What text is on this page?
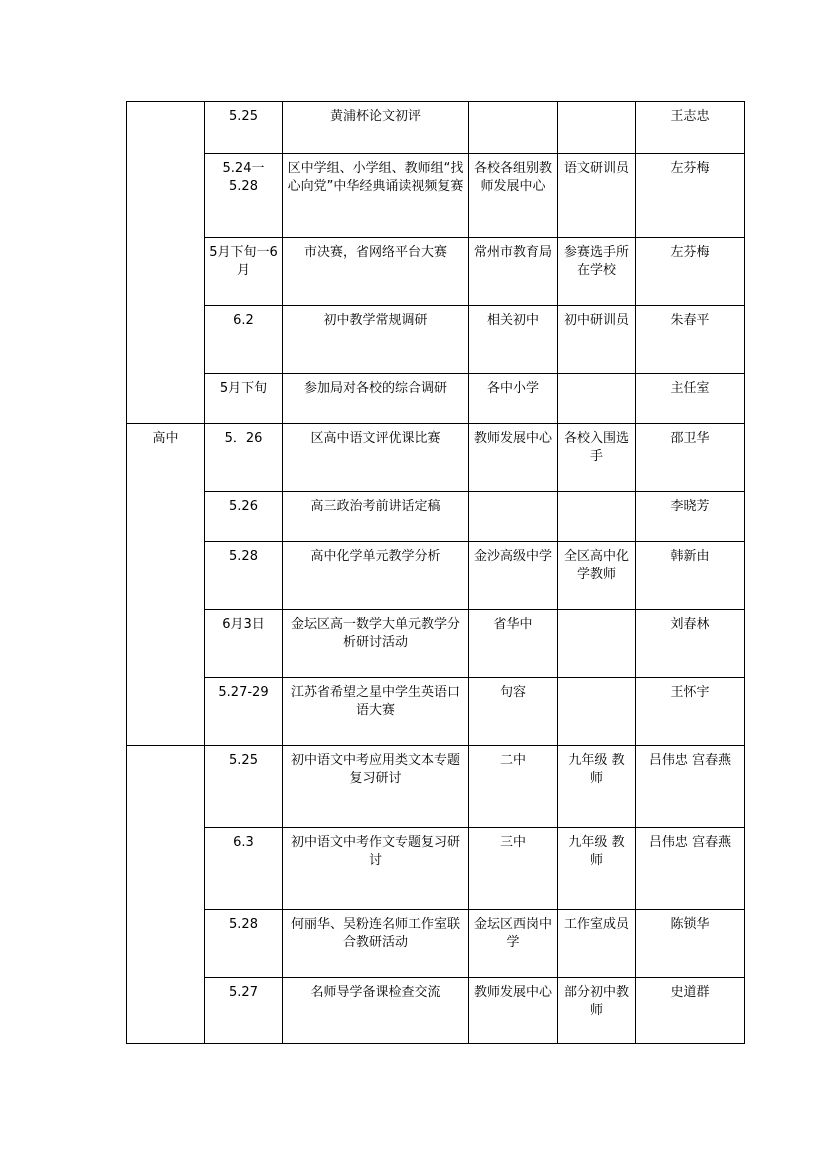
	5.25	黄浦杯论文初评			王志忠
	5.24一5.28	区中学组、小学组、教师组“找心向党”中华经典诵读视频复赛	各校各组别教师发展中心	语文研训员	左芬梅
	5月下旬一6月	市决赛，省网络平台大赛	常州市教育局	参赛选手所在学校	左芬梅
	6.2	初中教学常规调研	相关初中	初中研训员	朱春平
	5月下旬	参加局对各校的综合调研	各中小学		主任室
高中	5．26	区高中语文评优课比赛	教师发展中心	各校入围选手	邵卫华
	5.26	高三政治考前讲话定稿			李晓芳
	5.28	高中化学单元教学分析	金沙高级中学	全区高中化学教师	韩新由
	6月3日	金坛区高一数学大单元教学分析研讨活动	省华中		刘春林
	5.27-29	江苏省希望之星中学生英语口语大赛	句容		王怀宇
	5.25	初中语文中考应用类文本专题复习研讨	二中	九年级 教师	吕伟忠 宫春燕
	6.3	初中语文中考作文专题复习研讨	三中	九年级 教师	吕伟忠 宫春燕
	5.28	何丽华、吴粉连名师工作室联合教研活动	金坛区西岗中学	工作室成员	陈锁华
	5.27	名师导学备课检查交流	教师发展中心	部分初中教师	史道群
